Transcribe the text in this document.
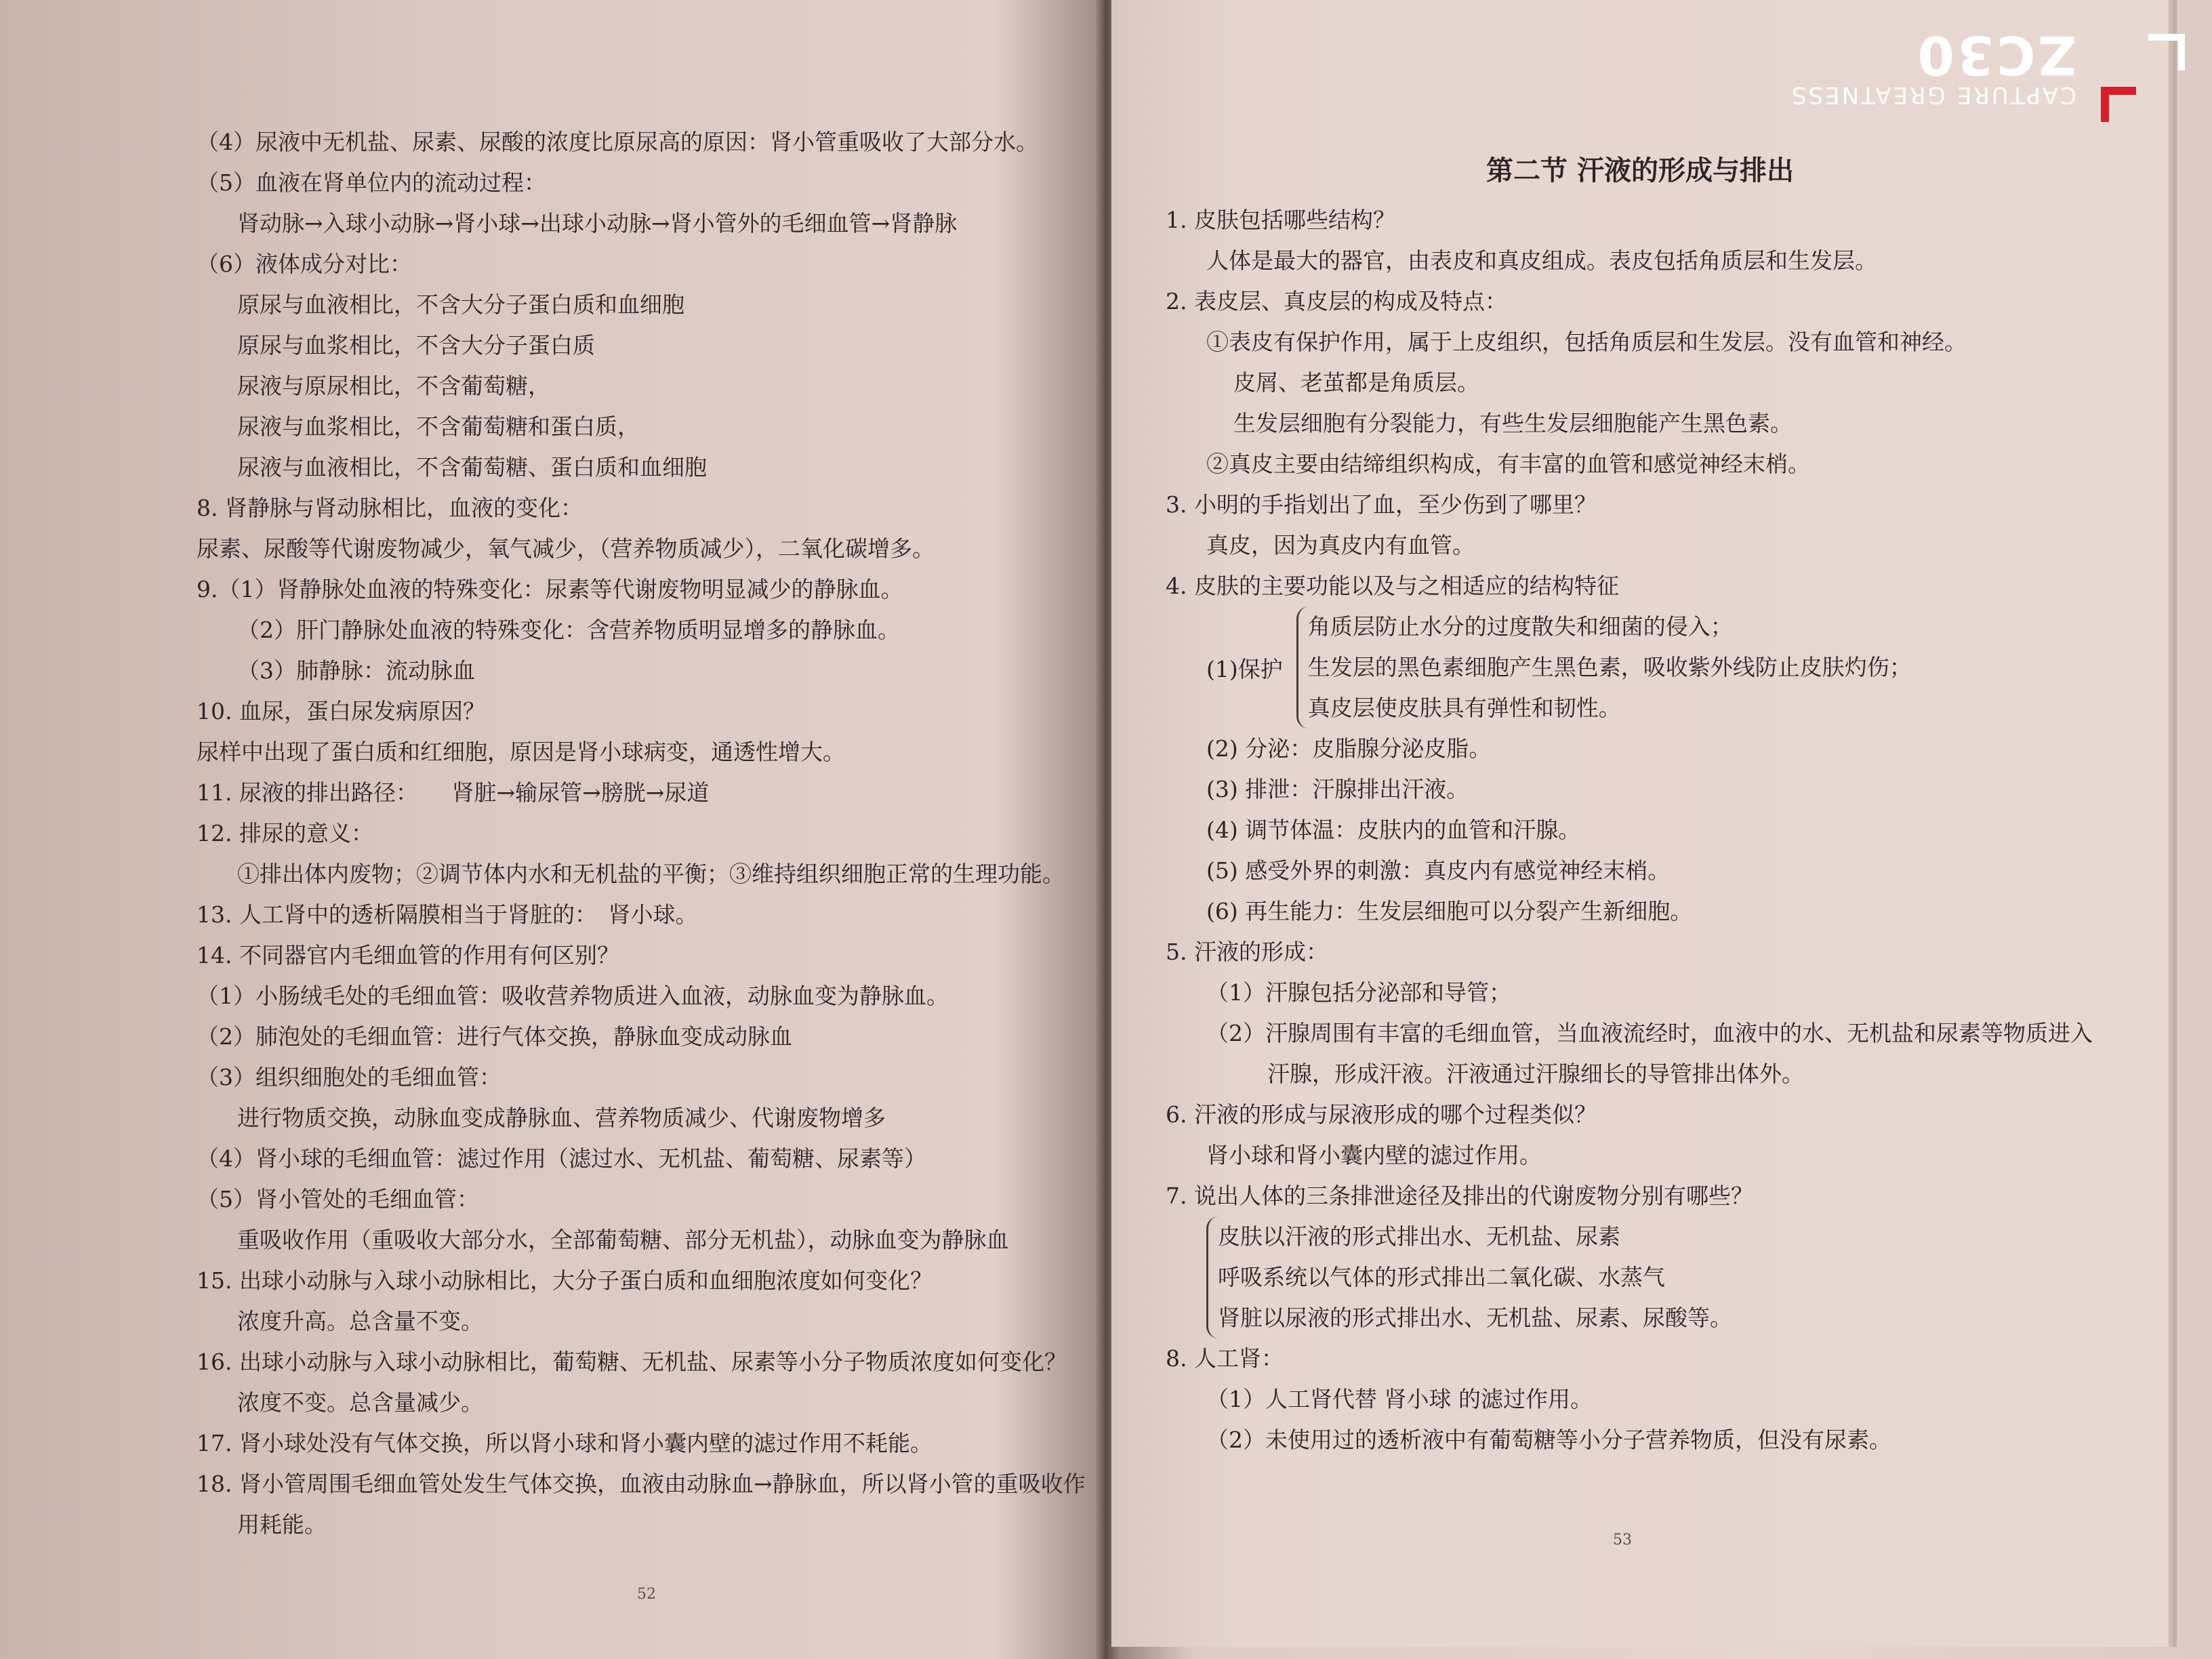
（4）尿液中无机盐、尿素、尿酸的浓度比原尿高的原因：肾小管重吸收了大部分水。

（5）血液在肾单位内的流动过程：

肾动脉→入球小动脉→肾小球→出球小动脉→肾小管外的毛细血管→肾静脉

（6）液体成分对比：

原尿与血液相比，不含大分子蛋白质和血细胞

原尿与血浆相比，不含大分子蛋白质

尿液与原尿相比，不含葡萄糖，

尿液与血浆相比，不含葡萄糖和蛋白质，

尿液与血液相比，不含葡萄糖、蛋白质和血细胞

8. 肾静脉与肾动脉相比，血液的变化：

尿素、尿酸等代谢废物减少，氧气减少，（营养物质减少），二氧化碳增多。

9.（1）肾静脉处血液的特殊变化：尿素等代谢废物明显减少的静脉血。

（2）肝门静脉处血液的特殊变化：含营养物质明显增多的静脉血。

（3）肺静脉：流动脉血

10. 血尿，蛋白尿发病原因？

尿样中出现了蛋白质和红细胞，原因是肾小球病变，通透性增大。

11. 尿液的排出路径：　　肾脏→输尿管→膀胱→尿道

12. 排尿的意义：

①排出体内废物；②调节体内水和无机盐的平衡；③维持组织细胞正常的生理功能。

13. 人工肾中的透析隔膜相当于肾脏的：　肾小球。

14. 不同器官内毛细血管的作用有何区别？

（1）小肠绒毛处的毛细血管：吸收营养物质进入血液，动脉血变为静脉血。

（2）肺泡处的毛细血管：进行气体交换，静脉血变成动脉血

（3）组织细胞处的毛细血管：

进行物质交换，动脉血变成静脉血、营养物质减少、代谢废物增多

（4）肾小球的毛细血管：滤过作用（滤过水、无机盐、葡萄糖、尿素等）

（5）肾小管处的毛细血管：

重吸收作用（重吸收大部分水，全部葡萄糖、部分无机盐），动脉血变为静脉血

15. 出球小动脉与入球小动脉相比，大分子蛋白质和血细胞浓度如何变化？

浓度升高。总含量不变。

16. 出球小动脉与入球小动脉相比，葡萄糖、无机盐、尿素等小分子物质浓度如何变化？

浓度不变。总含量减少。

17. 肾小球处没有气体交换，所以肾小球和肾小囊内壁的滤过作用不耗能。

18. 肾小管周围毛细血管处发生气体交换，血液由动脉血→静脉血，所以肾小管的重吸收作

用耗能。

52
第二节 汗液的形成与排出

1. 皮肤包括哪些结构？

人体是最大的器官，由表皮和真皮组成。表皮包括角质层和生发层。

2. 表皮层、真皮层的构成及特点：

①表皮有保护作用，属于上皮组织，包括角质层和生发层。没有血管和神经。

皮屑、老茧都是角质层。

生发层细胞有分裂能力，有些生发层细胞能产生黑色素。

②真皮主要由结缔组织构成，有丰富的血管和感觉神经末梢。

3. 小明的手指划出了血，至少伤到了哪里？

真皮，因为真皮内有血管。

4. 皮肤的主要功能以及与之相适应的结构特征

(1)保护

角质层防止水分的过度散失和细菌的侵入；

生发层的黑色素细胞产生黑色素，吸收紫外线防止皮肤灼伤；

真皮层使皮肤具有弹性和韧性。

(2) 分泌：皮脂腺分泌皮脂。

(3) 排泄：汗腺排出汗液。

(4) 调节体温：皮肤内的血管和汗腺。

(5) 感受外界的刺激：真皮内有感觉神经末梢。

(6) 再生能力：生发层细胞可以分裂产生新细胞。

5. 汗液的形成：

（1）汗腺包括分泌部和导管；

（2）汗腺周围有丰富的毛细血管，当血液流经时，血液中的水、无机盐和尿素等物质进入

汗腺，形成汗液。汗液通过汗腺细长的导管排出体外。

6. 汗液的形成与尿液形成的哪个过程类似？

肾小球和肾小囊内壁的滤过作用。

7. 说出人体的三条排泄途径及排出的代谢废物分别有哪些？

皮肤以汗液的形式排出水、无机盐、尿素

呼吸系统以气体的形式排出二氧化碳、水蒸气

肾脏以尿液的形式排出水、无机盐、尿素、尿酸等。

8. 人工肾：

（1）人工肾代替 肾小球 的滤过作用。

（2）未使用过的透析液中有葡萄糖等小分子营养物质，但没有尿素。

53
CAPTURE GREATNESS
ZC30
